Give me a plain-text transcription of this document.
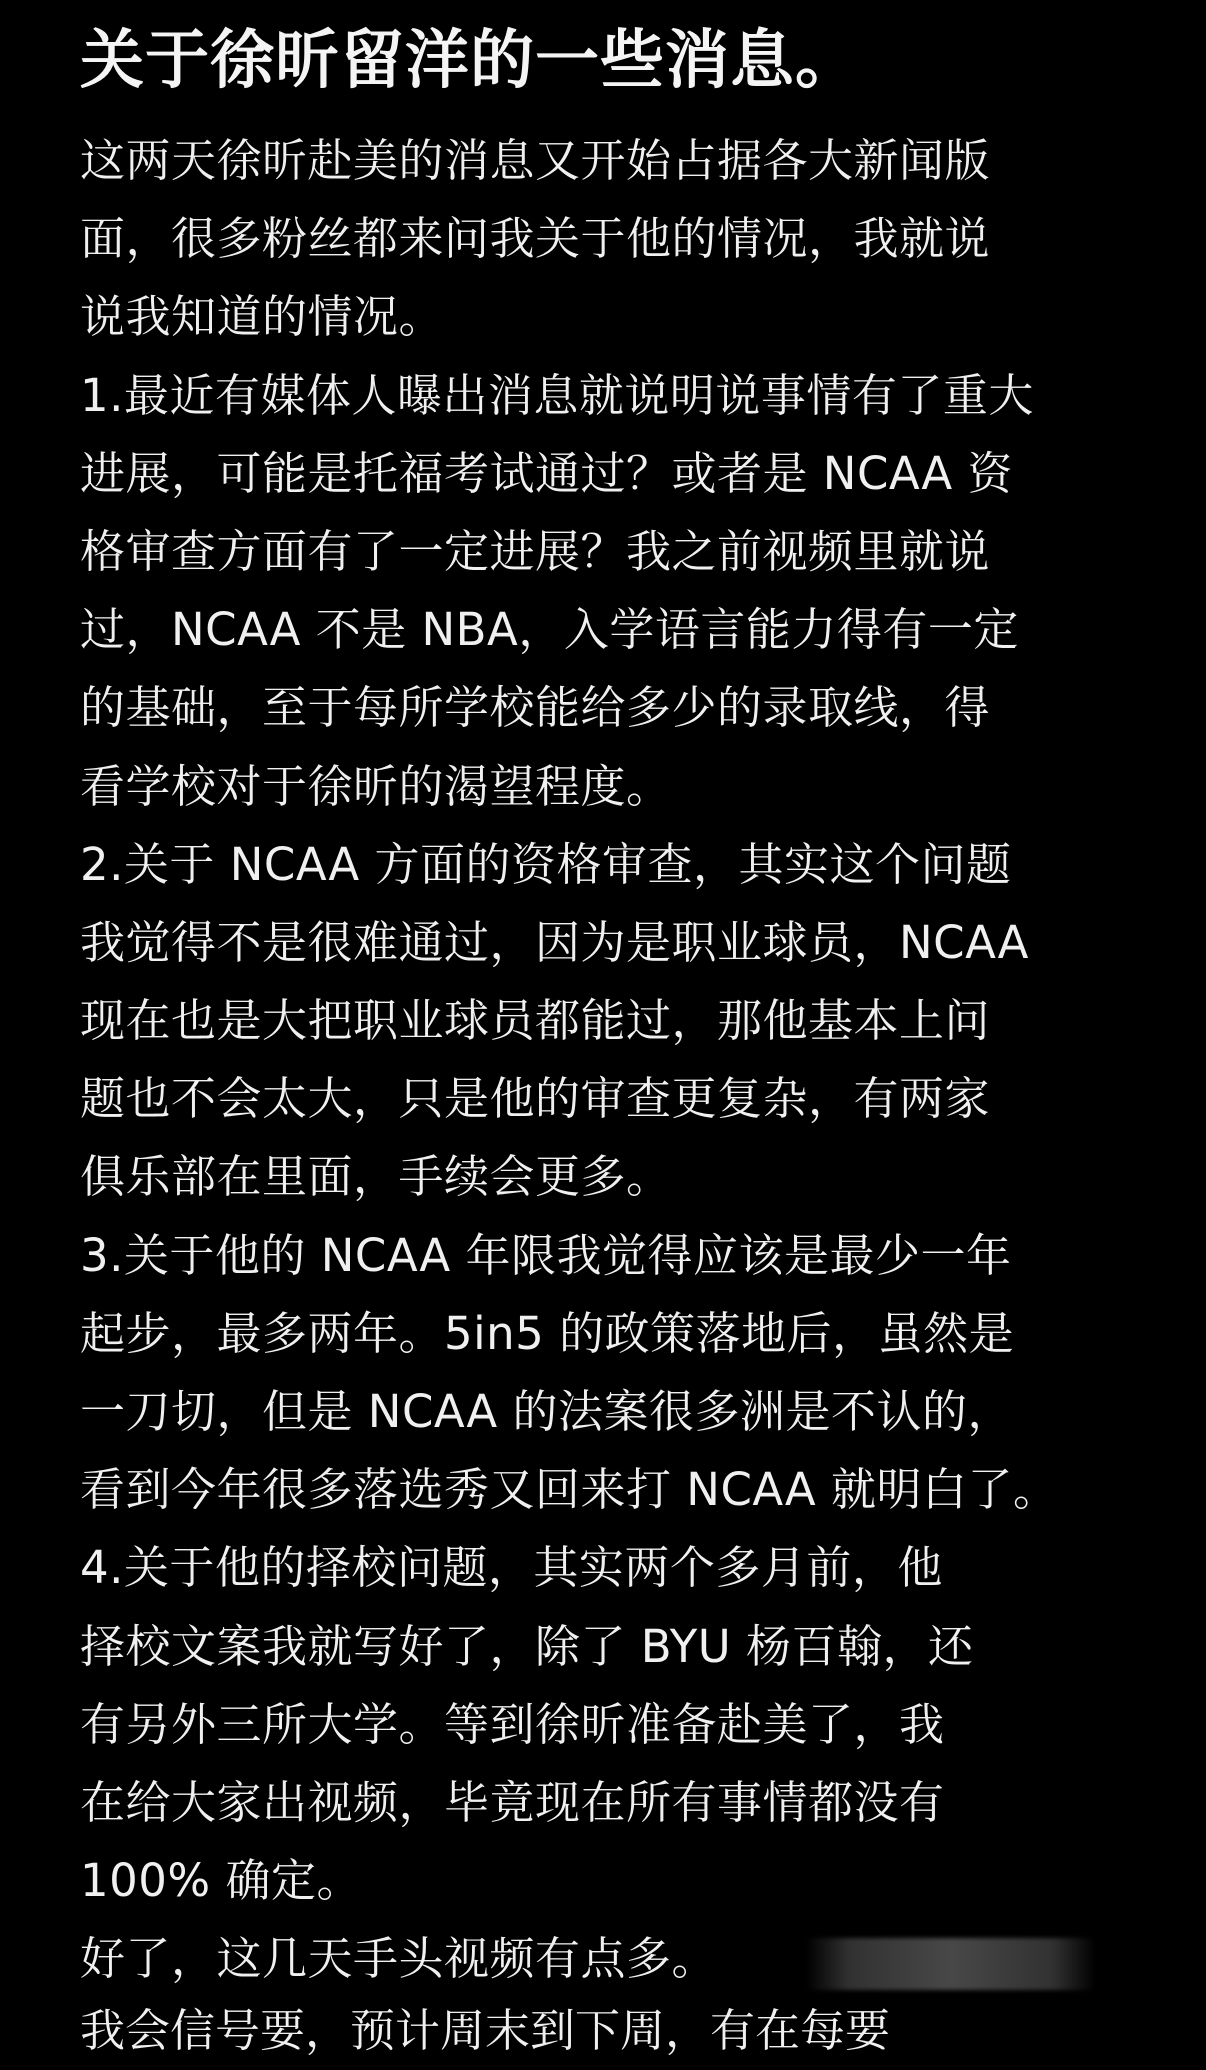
关于徐昕留洋的一些消息。
这两天徐昕赴美的消息又开始占据各大新闻版
面，很多粉丝都来问我关于他的情况，我就说
说我知道的情况。
1.最近有媒体人曝出消息就说明说事情有了重大
进展，可能是托福考试通过？或者是 NCAA 资
格审查方面有了一定进展？我之前视频里就说
过，NCAA 不是 NBA，入学语言能力得有一定
的基础，至于每所学校能给多少的录取线，得
看学校对于徐昕的渴望程度。
2.关于 NCAA 方面的资格审查，其实这个问题
我觉得不是很难通过，因为是职业球员，NCAA
现在也是大把职业球员都能过，那他基本上问
题也不会太大，只是他的审查更复杂，有两家
俱乐部在里面，手续会更多。
3.关于他的 NCAA 年限我觉得应该是最少一年
起步，最多两年。5in5 的政策落地后，虽然是
一刀切，但是 NCAA 的法案很多洲是不认的，
看到今年很多落选秀又回来打 NCAA 就明白了。
4.关于他的择校问题，其实两个多月前，他
择校文案我就写好了，除了 BYU 杨百翰，还
有另外三所大学。等到徐昕准备赴美了，我
在给大家出视频，毕竟现在所有事情都没有
100% 确定。
好了，这几天手头视频有点多。
我会信号要，预计周末到下周，有在每要
